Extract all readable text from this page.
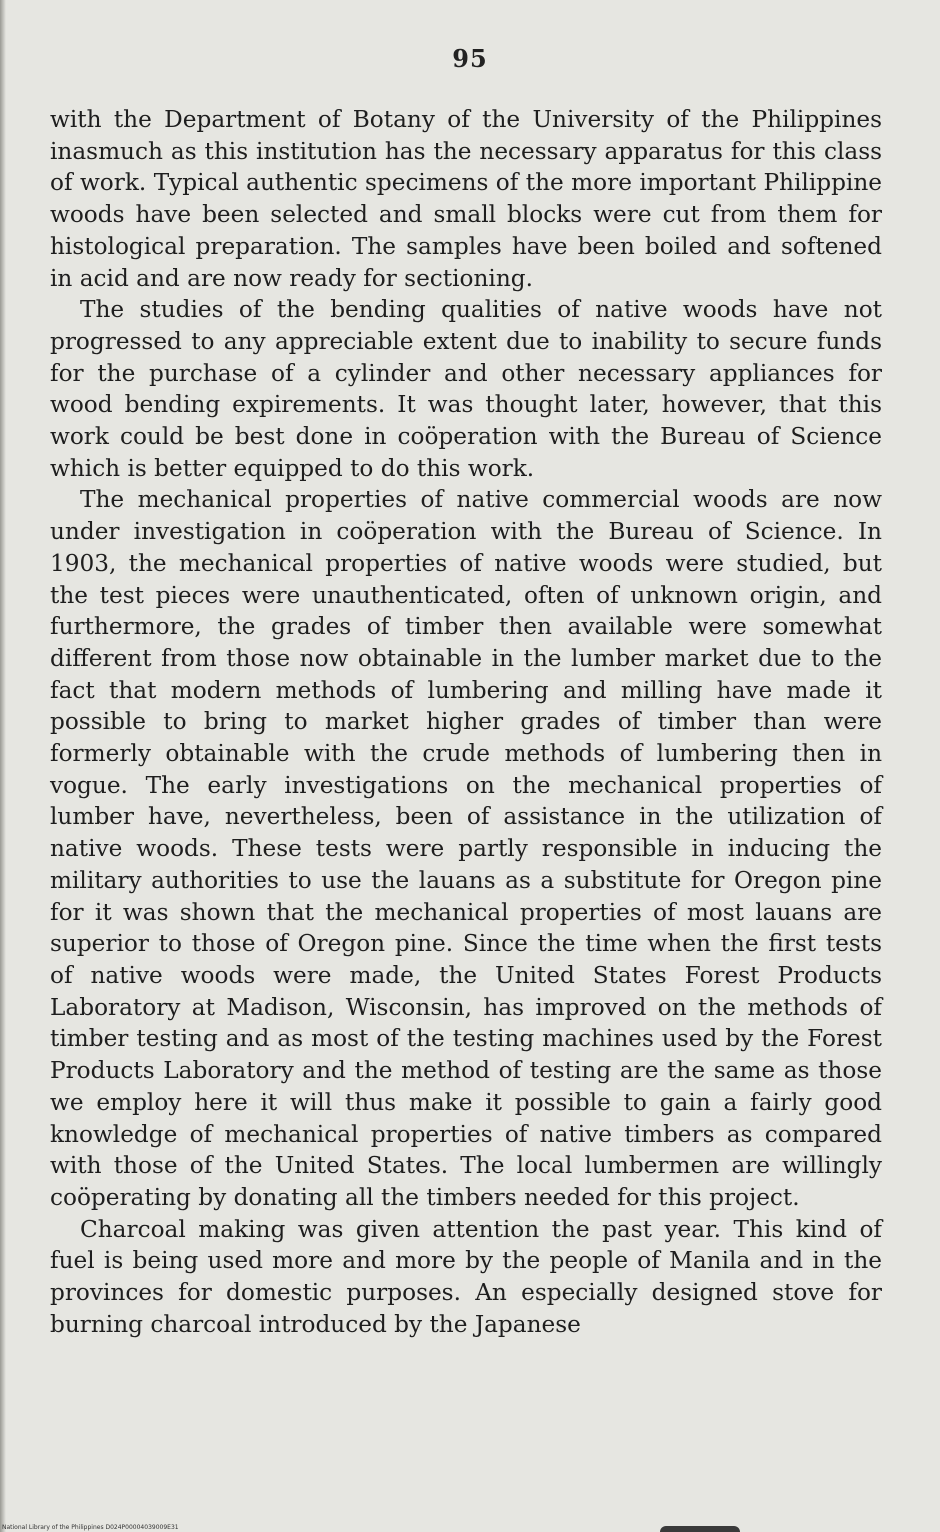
95

with the Department of Botany of the University of the Philippines inasmuch as this institution has the necessary apparatus for this class of work. Typical authentic specimens of the more important Philippine woods have been selected and small blocks were cut from them for histological preparation. The samples have been boiled and softened in acid and are now ready for sectioning.

The studies of the bending qualities of native woods have not progressed to any appreciable extent due to inability to secure funds for the purchase of a cylinder and other necessary appliances for wood bending expirements. It was thought later, however, that this work could be best done in coöperation with the Bureau of Science which is better equipped to do this work.

The mechanical properties of native commercial woods are now under investigation in coöperation with the Bureau of Science. In 1903, the mechanical properties of native woods were studied, but the test pieces were unauthenticated, often of unknown origin, and furthermore, the grades of timber then available were somewhat different from those now obtainable in the lumber market due to the fact that modern methods of lumbering and milling have made it possible to bring to market higher grades of timber than were formerly obtainable with the crude methods of lumbering then in vogue. The early investigations on the mechanical properties of lumber have, nevertheless, been of assistance in the utilization of native woods. These tests were partly responsible in inducing the military authorities to use the lauans as a substitute for Oregon pine for it was shown that the mechanical properties of most lauans are superior to those of Oregon pine. Since the time when the first tests of native woods were made, the United States Forest Products Laboratory at Madison, Wisconsin, has improved on the methods of timber testing and as most of the testing machines used by the Forest Products Laboratory and the method of testing are the same as those we employ here it will thus make it possible to gain a fairly good knowledge of mechanical properties of native timbers as compared with those of the United States. The local lumbermen are willingly coöperating by donating all the timbers needed for this project.

Charcoal making was given attention the past year. This kind of fuel is being used more and more by the people of Manila and in the provinces for domestic purposes. An especially designed stove for burning charcoal introduced by the Japanese

National Library of the Philippines D024P00004039009E31
